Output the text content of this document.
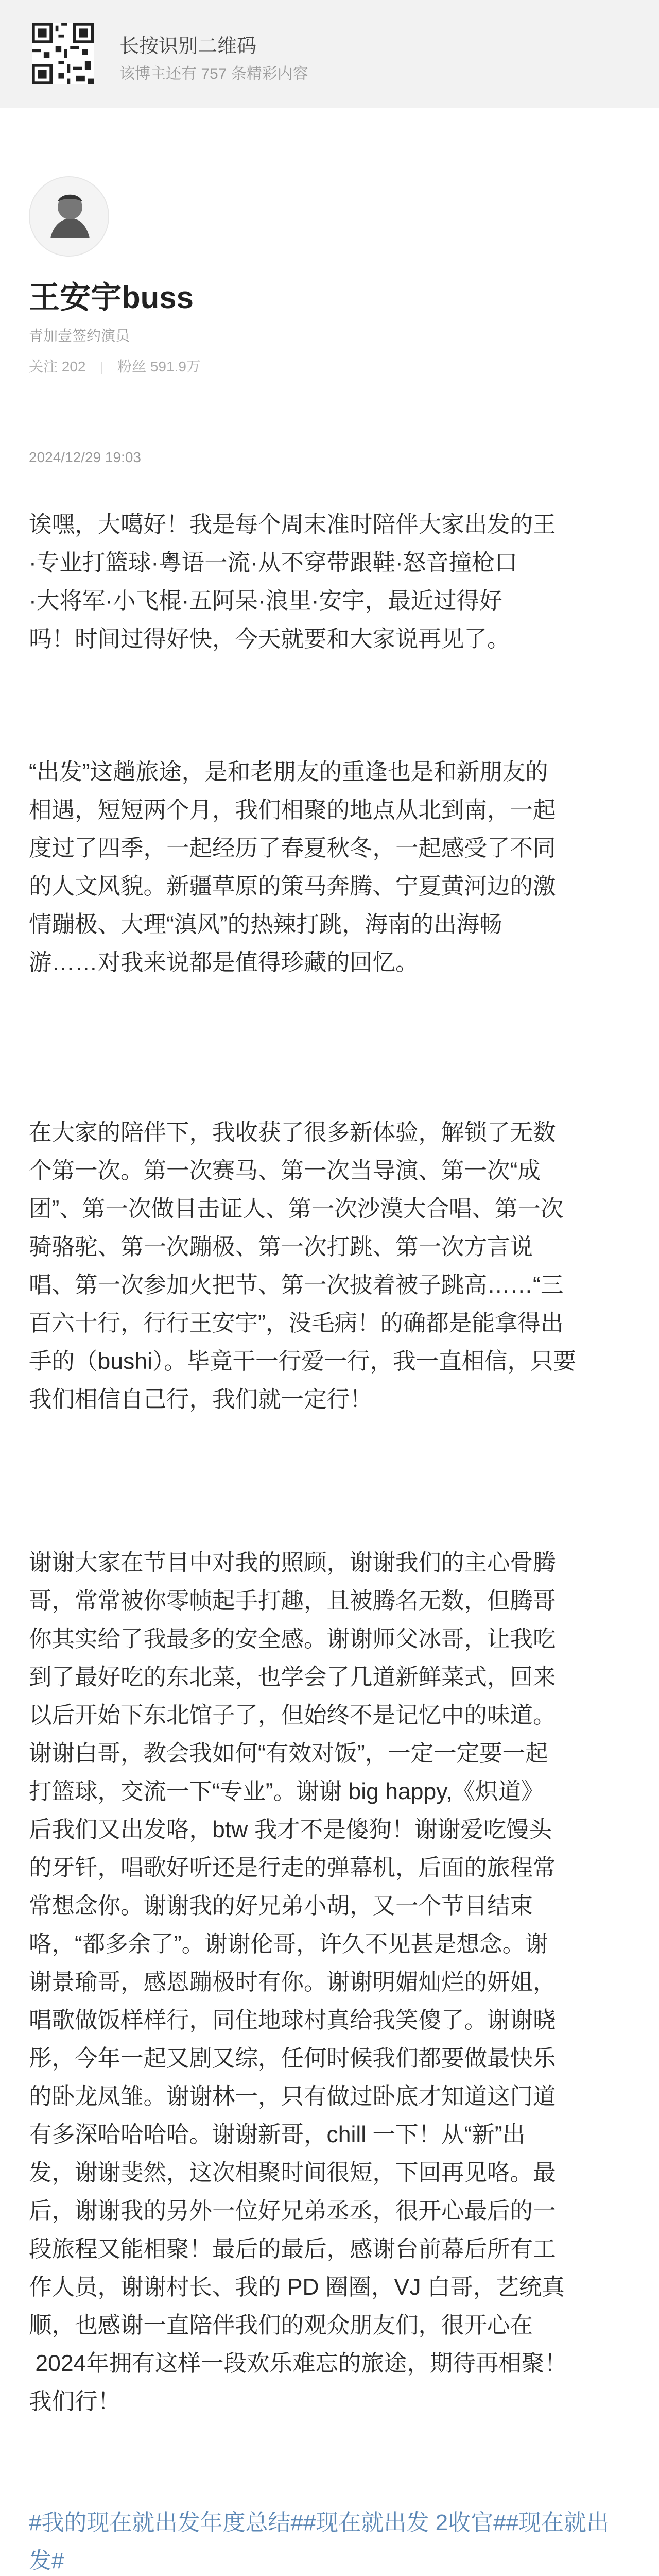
长按识别二维码
该博主还有 757 条精彩内容
王安宇buss
青加壹签约演员
关注 202 粉丝 591.9万
2024/12/29 19:03
诶嘿，大噶好！我是每个周末准时陪伴大家出发的王
·专业打篮球·粤语一流·从不穿带跟鞋·怒音撞枪口
·大将军·小飞棍·五阿呆·浪里·安宇，最近过得好
吗！时间过得好快，今天就要和大家说再见了。
“出发”这趟旅途，是和老朋友的重逢也是和新朋友的
相遇，短短两个月，我们相聚的地点从北到南，一起
度过了四季，一起经历了春夏秋冬，一起感受了不同
的人文风貌。新疆草原的策马奔腾、宁夏黄河边的激
情蹦极、大理“滇风”的热辣打跳，海南的出海畅
游……对我来说都是值得珍藏的回忆。
在大家的陪伴下，我收获了很多新体验，解锁了无数
个第一次。第一次赛马、第一次当导演、第一次“成
团”、第一次做目击证人、第一次沙漠大合唱、第一次
骑骆驼、第一次蹦极、第一次打跳、第一次方言说
唱、第一次参加火把节、第一次披着被子跳高……“三
百六十行，行行王安宇”，没毛病！的确都是能拿得出
手的（bushi）。毕竟干一行爱一行，我一直相信，只要
我们相信自己行，我们就一定行！
谢谢大家在节目中对我的照顾，谢谢我们的主心骨腾
哥，常常被你零帧起手打趣，且被腾名无数，但腾哥
你其实给了我最多的安全感。谢谢师父冰哥，让我吃
到了最好吃的东北菜，也学会了几道新鲜菜式，回来
以后开始下东北馆子了，但始终不是记忆中的味道。
谢谢白哥，教会我如何“有效对饭”，一定一定要一起
打篮球，交流一下“专业”。谢谢 big happy,《炽道》
后我们又出发咯，btw 我才不是傻狗！谢谢爱吃馒头
的牙钎，唱歌好听还是行走的弹幕机，后面的旅程常
常想念你。谢谢我的好兄弟小胡，又一个节目结束
咯，“都多余了”。谢谢伦哥，许久不见甚是想念。谢
谢景瑜哥，感恩蹦极时有你。谢谢明媚灿烂的妍姐，
唱歌做饭样样行，同住地球村真给我笑傻了。谢谢晓
彤，今年一起又剧又综，任何时候我们都要做最快乐
的卧龙凤雏。谢谢林一，只有做过卧底才知道这门道
有多深哈哈哈哈。谢谢新哥，chill 一下！从“新”出
发，谢谢斐然，这次相聚时间很短，下回再见咯。最
后，谢谢我的另外一位好兄弟丞丞，很开心最后的一
段旅程又能相聚！最后的最后，感谢台前幕后所有工
作人员，谢谢村长、我的 PD 圈圈，VJ 白哥，艺统真
顺，也感谢一直陪伴我们的观众朋友们，很开心在
2024年拥有这样一段欢乐难忘的旅途，期待再相聚！
我们行！
#我的现在就出发年度总结##现在就出发 2收官##现在就出发#
